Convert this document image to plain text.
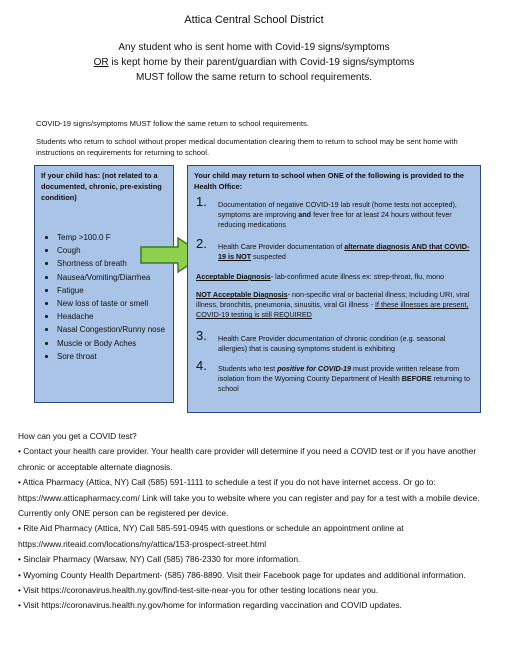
Attica Central School District
Any student who is sent home with Covid-19 signs/symptoms
OR is kept home by their parent/guardian with Covid-19 signs/symptoms
MUST follow the same return to school requirements.
COVID-19 signs/symptoms MUST follow the same return to school requirements.
Students who return to school without proper medical documentation clearing them to return to school may be sent home with instructions on requirements for returning to school.
If your child has: (not related to a documented, chronic, pre-existing condition)
Temp >100.0 F
Cough
Shortness of breath
Nausea/Vomiting/Diarrhea
Fatigue
New loss of taste or smell
Headache
Nasal Congestion/Runny nose
Muscle or Body Aches
Sore throat
Your child may return to school when ONE of the following is provided to the Health Office:
1. Documentation of negative COVID-19 lab result (home tests not accepted), symptoms are improving and fever free for at least 24 hours without fever reducing medications
2. Health Care Provider documentation of alternate diagnosis AND that COVID-19 is NOT suspected
Acceptable Diagnosis- lab-confirmed acute illness ex: strep-throat, flu, mono
NOT Acceptable Diagnosis- non-specific viral or bacterial illness; Including URI, viral illness, bronchitis, pneumonia, sinusitis, viral GI illness - If these illnesses are present, COVID-19 testing is still REQUIRED
3. Health Care Provider documentation of chronic condition (e.g. seasonal allergies) that is causing symptoms student is exhibiting
4. Students who test positive for COVID-19 must provide written release from isolation from the Wyoming County Department of Health BEFORE returning to school
How can you get a COVID test?
• Contact your health care provider. Your health care provider will determine if you need a COVID test or if you have another chronic or acceptable alternate diagnosis.
• Attica Pharmacy (Attica, NY) Call (585) 591-1111 to schedule a test if you do not have internet access. Or go to: https://www.atticapharmacy.com/ Link will take you to website where you can register and pay for a test with a mobile device. Currently only ONE person can be registered per device.
• Rite Aid Pharmacy (Attica, NY) Call 585-591-0945 with questions or schedule an appointment online at https://www.riteaid.com/locations/ny/attica/153-prospect-street.html
• Sinclair Pharmacy (Warsaw, NY) Call (585) 786-2330 for more information.
• Wyoming County Health Department- (585) 786-8890. Visit their Facebook page for updates and additional information.
• Visit https://coronavirus.health.ny.gov/find-test-site-near-you for other testing locations near you.
• Visit https://coronavirus.health.ny.gov/home for information regarding vaccination and COVID updates.
